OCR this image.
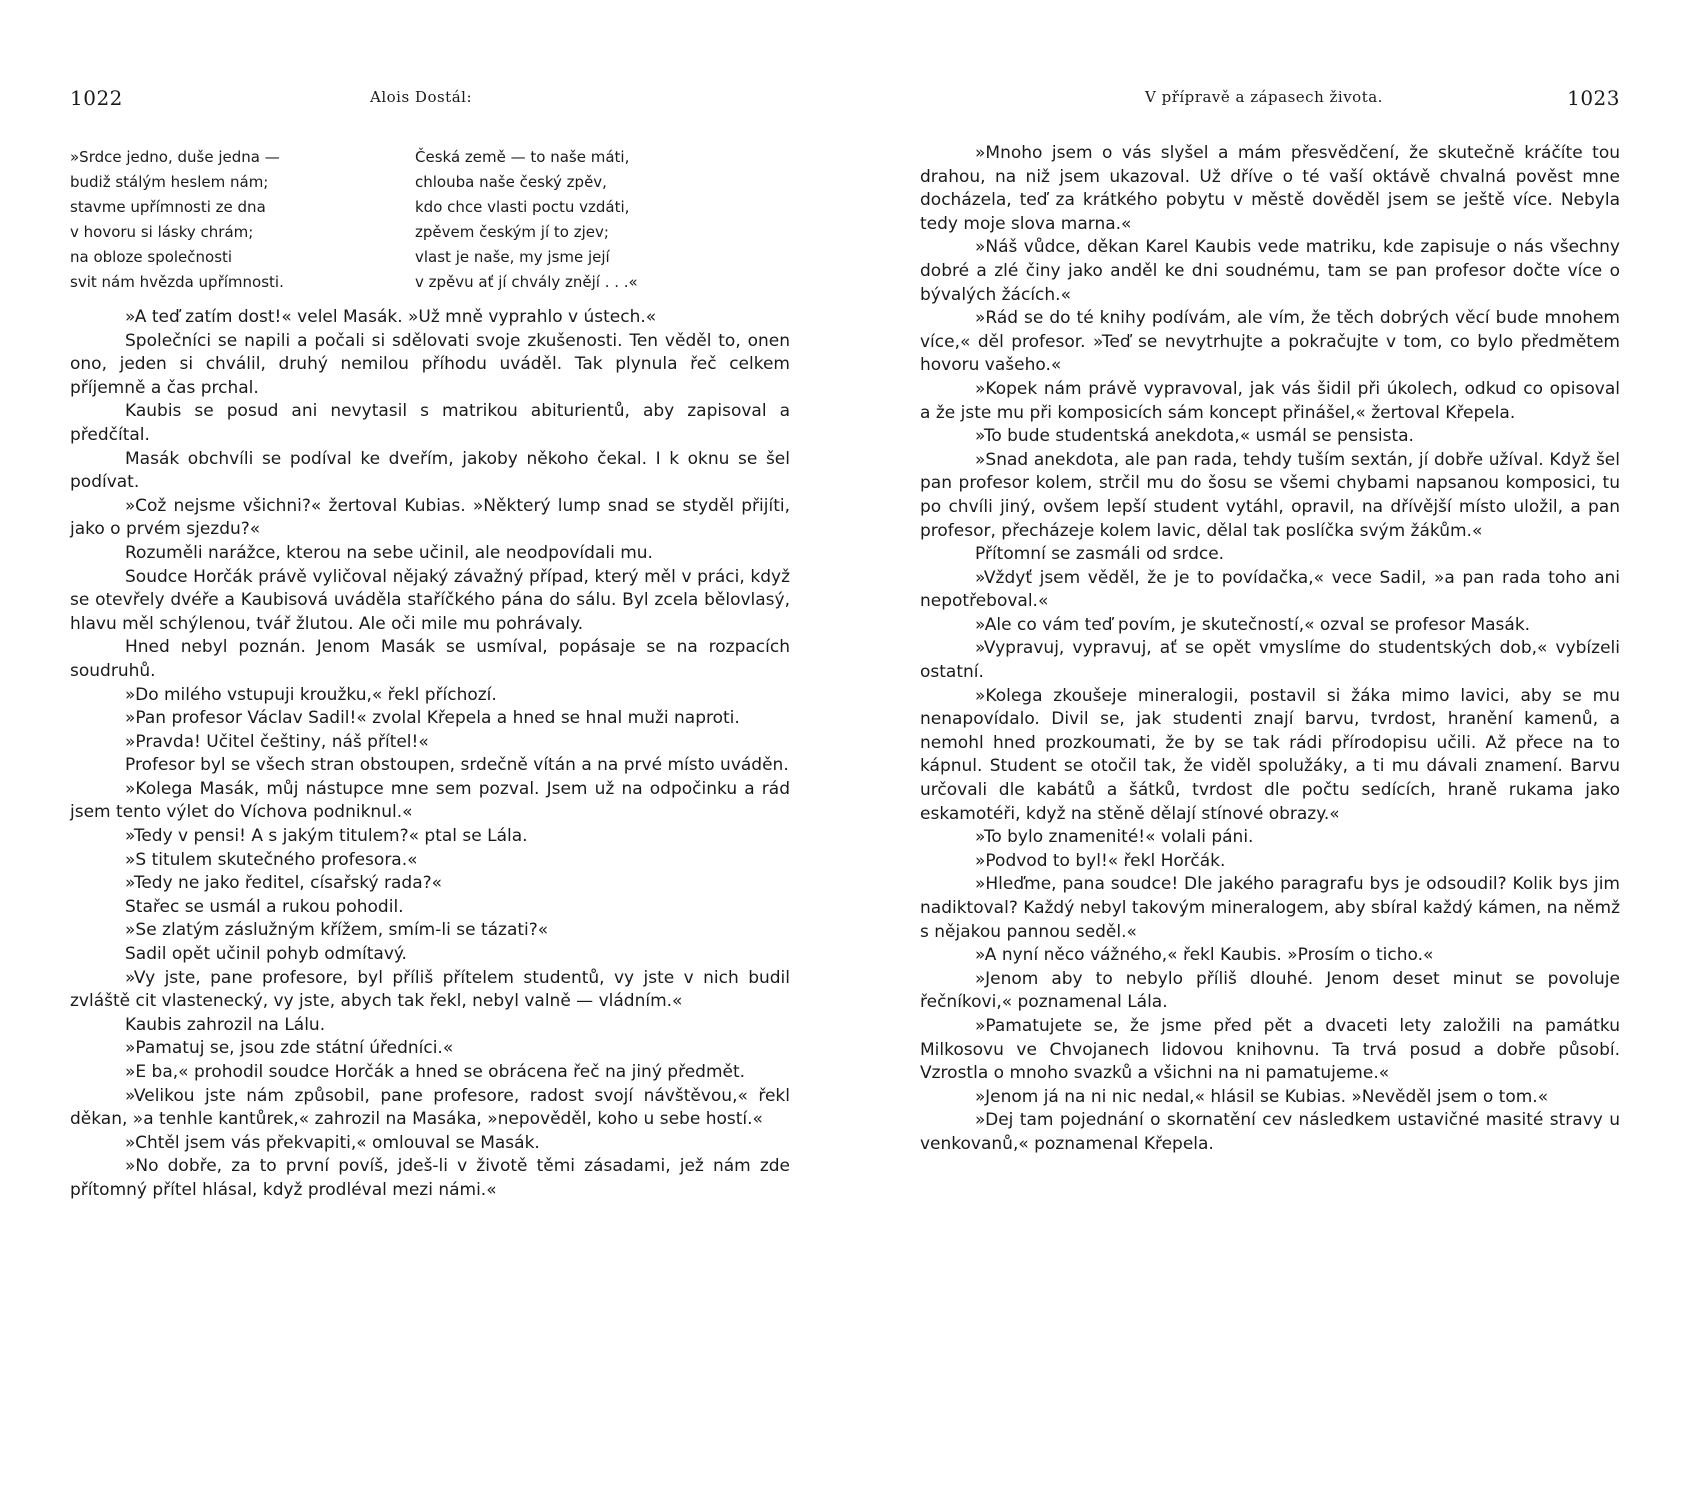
1022	Alois Dostál:
»Srdce jedno, duše jedna —
budiž stálým heslem nám;
stavme upřímnosti ze dna
v hovoru si lásky chrám;
na obloze společnosti
svit nám hvězda upřímnosti.
Česká země — to naše máti,
chlouba naše český zpěv,
kdo chce vlasti poctu vzdáti,
zpěvem českým jí to zjev;
vlast je naše, my jsme její
v zpěvu ať jí chvály znějí . . .«

»A teď zatím dost!« velel Masák. »Už mně vyprahlo v ústech.«

Společníci se napili a počali si sdělovati svoje zkušenosti. Ten věděl to, onen ono, jeden si chválil, druhý nemilou příhodu uváděl. Tak plynula řeč celkem příjemně a čas prchal.

Kaubis se posud ani nevytasil s matrikou abiturientů, aby zapisoval a předčítal.

Masák obchvíli se podíval ke dveřím, jakoby někoho čekal. I k oknu se šel podívat.

»Což nejsme všichni?« žertoval Kubias. »Některý lump snad se styděl přijíti, jako o prvém sjezdu?«

Rozuměli narážce, kterou na sebe učinil, ale neodpovídali mu.

Soudce Horčák právě vyličoval nějaký závažný případ, který měl v práci, když se otevřely dvéře a Kaubisová uváděla staříčkého pána do sálu. Byl zcela bělovlasý, hlavu měl schýlenou, tvář žlutou. Ale oči mile mu pohrávaly.

Hned nebyl poznán. Jenom Masák se usmíval, popásaje se na rozpacích soudruhů.

»Do milého vstupuji kroužku,« řekl příchozí.

»Pan profesor Václav Sadil!« zvolal Křepela a hned se hnal muži naproti.

»Pravda! Učitel češtiny, náš přítel!«

Profesor byl se všech stran obstoupen, srdečně vítán a na prvé místo uváděn.

»Kolega Masák, můj nástupce mne sem pozval. Jsem už na odpočinku a rád jsem tento výlet do Víchova podniknul.«

»Tedy v pensi! A s jakým titulem?« ptal se Lála.

»S titulem skutečného profesora.«

»Tedy ne jako ředitel, císařský rada?«

Stařec se usmál a rukou pohodil.

»Se zlatým záslužným křížem, smím-li se tázati?«

Sadil opět učinil pohyb odmítavý.

»Vy jste, pane profesore, byl příliš přítelem studentů, vy jste v nich budil zvláště cit vlastenecký, vy jste, abych tak řekl, nebyl valně — vládním.«

Kaubis zahrozil na Lálu.

»Pamatuj se, jsou zde státní úředníci.«

»E ba,« prohodil soudce Horčák a hned se obrácena řeč na jiný předmět.

»Velikou jste nám způsobil, pane profesore, radost svojí návštěvou,« řekl děkan, »a tenhle kantůrek,« zahrozil na Masáka, »nepověděl, koho u sebe hostí.«

»Chtěl jsem vás překvapiti,« omlouval se Masák.

»No dobře, za to první povíš, jdeš-li v životě těmi zásadami, jež nám zde přítomný přítel hlásal, když prodléval mezi námi.«

V přípravě a zápasech života.	1023

»Mnoho jsem o vás slyšel a mám přesvědčení, že skutečně kráčíte tou drahou, na niž jsem ukazoval. Už dříve o té vaší oktávě chvalná pověst mne docházela, teď za krátkého pobytu v městě dověděl jsem se ještě více. Nebyla tedy moje slova marna.«

»Náš vůdce, děkan Karel Kaubis vede matriku, kde zapisuje o nás všechny dobré a zlé činy jako anděl ke dni soudnému, tam se pan profesor dočte více o bývalých žácích.«

»Rád se do té knihy podívám, ale vím, že těch dobrých věcí bude mnohem více,« děl profesor. »Teď se nevytrhujte a pokračujte v tom, co bylo předmětem hovoru vašeho.«

»Kopek nám právě vypravoval, jak vás šidil při úkolech, odkud co opisoval a že jste mu při komposicích sám koncept přinášel,« žertoval Křepela.

»To bude studentská anekdota,« usmál se pensista.

»Snad anekdota, ale pan rada, tehdy tuším sextán, jí dobře užíval. Když šel pan profesor kolem, strčil mu do šosu se všemi chybami napsanou komposici, tu po chvíli jiný, ovšem lepší student vytáhl, opravil, na dřívější místo uložil, a pan profesor, přecházeje kolem lavic, dělal tak poslíčka svým žákům.«

Přítomní se zasmáli od srdce.

»Vždyť jsem věděl, že je to povídačka,« vece Sadil, »a pan rada toho ani nepotřeboval.«

»Ale co vám teď povím, je skutečností,« ozval se profesor Masák.

»Vypravuj, vypravuj, ať se opět vmyslíme do studentských dob,« vybízeli ostatní.

»Kolega zkoušeje mineralogii, postavil si žáka mimo lavici, aby se mu nenapovídalo. Divil se, jak studenti znají barvu, tvrdost, hranění kamenů, a nemohl hned prozkoumati, že by se tak rádi přírodopisu učili. Až přece na to kápnul. Student se otočil tak, že viděl spolužáky, a ti mu dávali znamení. Barvu určovali dle kabátů a šátků, tvrdost dle počtu sedících, hraně rukama jako eskamotéři, když na stěně dělají stínové obrazy.«

»To bylo znamenité!« volali páni.

»Podvod to byl!« řekl Horčák.

»Hleďme, pana soudce! Dle jakého paragrafu bys je odsoudil? Kolik bys jim nadiktoval? Každý nebyl takovým mineralogem, aby sbíral každý kámen, na němž s nějakou pannou seděl.«

»A nyní něco vážného,« řekl Kaubis. »Prosím o ticho.«

»Jenom aby to nebylo příliš dlouhé. Jenom deset minut se povoluje řečníkovi,« poznamenal Lála.

»Pamatujete se, že jsme před pět a dvaceti lety založili na památku Milkosovu ve Chvojanech lidovou knihovnu. Ta trvá posud a dobře působí. Vzrostla o mnoho svazků a všichni na ni pamatujeme.«

»Jenom já na ni nic nedal,« hlásil se Kubias. »Nevěděl jsem o tom.«

»Dej tam pojednání o skornatění cev následkem ustavičné masité stravy u venkovanů,« poznamenal Křepela.
